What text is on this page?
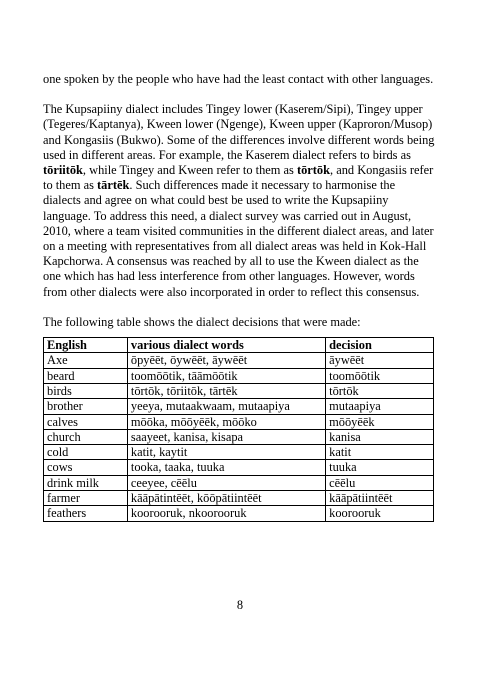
one spoken by the people who have had the least contact with other languages.

The Kupsapiiny dialect includes Tingey lower (Kaserem/Sipi), Tingey upper (Tegeres/Kaptanya), Kween lower (Ngenge), Kween upper (Kaproron/Musop) and Kongasiis (Bukwo). Some of the differences involve different words being used in different areas. For example, the Kaserem dialect refers to birds as tōriitōk, while Tingey and Kween refer to them as tōrtōk, and Kongasiis refer to them as tārtēk. Such differences made it necessary to harmonise the dialects and agree on what could best be used to write the Kupsapiiny language. To address this need, a dialect survey was carried out in August, 2010, where a team visited communities in the different dialect areas, and later on a meeting with representatives from all dialect areas was held in Kok-Hall Kapchorwa. A consensus was reached by all to use the Kween dialect as the one which has had less interference from other languages. However, words from other dialects were also incorporated in order to reflect this consensus.

The following table shows the dialect decisions that were made:

English	various dialect words	decision
Axe	ōpyēēt, ōywēēt, āywēēt	āywēēt
beard	toomōōtik, tāāmōōtik	toomōōtik
birds	tōrtōk, tōriitōk, tārtēk	tōrtōk
brother	yeeya, mutaakwaam, mutaapiya	mutaapiya
calves	mōōka, mōōyēēk, mōōko	mōōyēēk
church	saayeet, kanisa, kisapa	kanisa
cold	katit, kaytit	katit
cows	tooka, taaka, tuuka	tuuka
drink milk	ceeyee, cēēlu	cēēlu
farmer	kāāpātintēēt, kōōpātiintēēt	kāāpātiintēēt
feathers	koorooruk, nkoorooruk	koorooruk
8
